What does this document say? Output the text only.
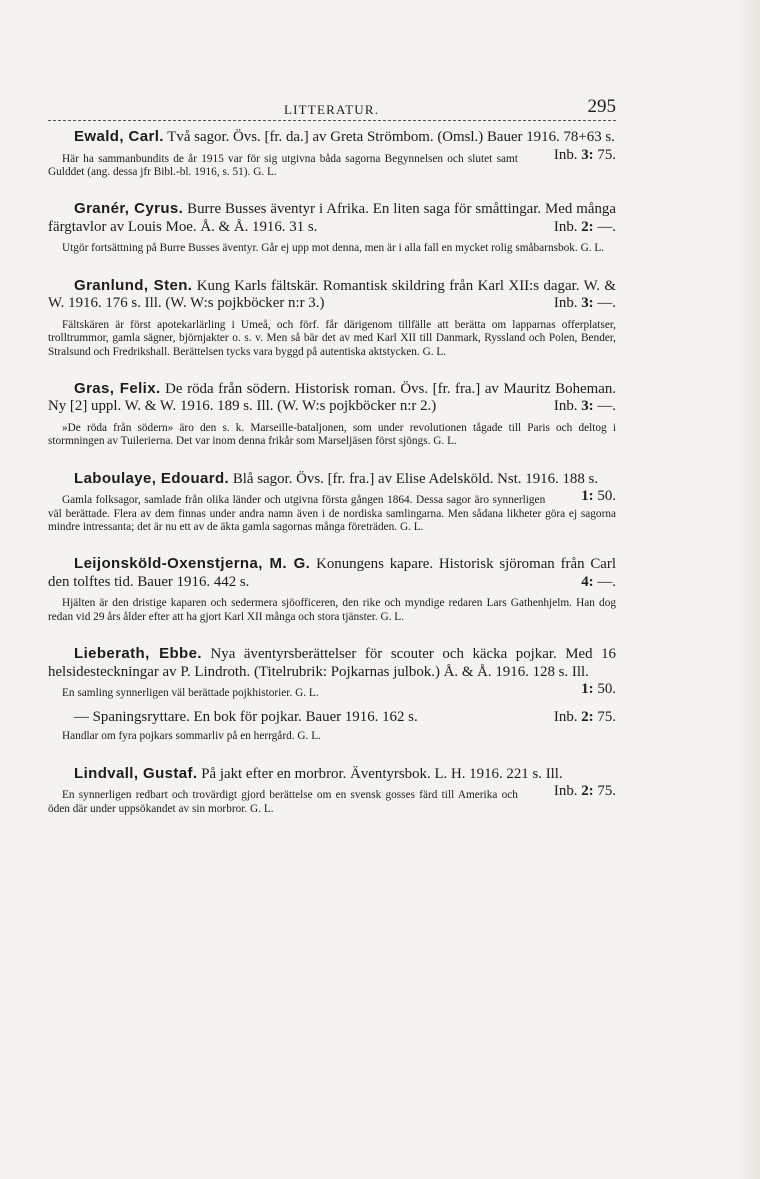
LITTERATUR.	295

Ewald, Carl. Två sagor. Övs. [fr. da.] av Greta Strömbom. (Omsl.) Bauer 1916. 78+63 s.
Inb. 3: 75.

Här ha sammanbundits de år 1915 var för sig utgivna båda sagorna Begynnelsen och slutet samt Gulddet (ang. dessa jfr Bibl.-bl. 1916, s. 51). G. L.

Granér, Cyrus. Burre Busses äventyr i Afrika. En liten saga för småttingar. Med många färgtavlor av Louis Moe. Å. & Å. 1916. 31 s.	Inb. 2: —.

Utgör fortsättning på Burre Busses äventyr. Går ej upp mot denna, men är i alla fall en mycket rolig småbarnsbok. G. L.

Granlund, Sten. Kung Karls fältskär. Romantisk skildring från Karl XII:s dagar. W. & W. 1916. 176 s. Ill. (W. W:s pojkböcker n:r 3.)	Inb. 3: —.

Fältskären är först apotekarlärling i Umeå, och förf. får därigenom tillfälle att berätta om lapparnas offerplatser, trolltrummor, gamla sägner, björnjakter o. s. v. Men så bär det av med Karl XII till Danmark, Ryssland och Polen, Bender, Stralsund och Fredrikshall. Berättelsen tycks vara byggd på autentiska aktstycken. G. L.

Gras, Felix. De röda från södern. Historisk roman. Övs. [fr. fra.] av Mauritz Boheman. Ny [2] uppl. W. & W. 1916. 189 s. Ill. (W. W:s pojkböcker n:r 2.)	Inb. 3: —.

»De röda från södern» äro den s. k. Marseille-bataljonen, som under revolutionen tågade till Paris och deltog i stormningen av Tuilerierna. Det var inom denna frikår som Marseljäsen först sjöngs. G. L.

Laboulaye, Edouard. Blå sagor. Övs. [fr. fra.] av Elise Adelsköld. Nst. 1916. 188 s.
1: 50.

Gamla folksagor, samlade från olika länder och utgivna första gången 1864. Dessa sagor äro synnerligen väl berättade. Flera av dem finnas under andra namn även i de nordiska samlingarna. Men sådana likheter göra ej sagorna mindre intressanta; det är nu ett av de äkta gamla sagornas många företräden. G. L.

Leijonsköld-Oxenstjerna, M. G. Konungens kapare. Historisk sjöroman från Carl den tolftes tid. Bauer 1916. 442 s.	4: —.

Hjälten är den dristige kaparen och sedermera sjöofficeren, den rike och myndige redaren Lars Gathenhjelm. Han dog redan vid 29 års ålder efter att ha gjort Karl XII många och stora tjänster. G. L.

Lieberath, Ebbe. Nya äventyrsberättelser för scouter och käcka pojkar. Med 16 helsidesteckningar av P. Lindroth. (Titelrubrik: Pojkarnas julbok.) Å. & Å. 1916. 128 s. Ill.
1: 50.

En samling synnerligen väl berättade pojkhistorier. G. L.

— Spaningsryttare. En bok för pojkar. Bauer 1916. 162 s.	Inb. 2: 75.

Handlar om fyra pojkars sommarliv på en herrgård. G. L.

Lindvall, Gustaf. På jakt efter en morbror. Äventyrsbok. L. H. 1916. 221 s. Ill.
Inb. 2: 75.

En synnerligen redbart och trovärdigt gjord berättelse om en svensk gosses färd till Amerika och öden där under uppsökandet av sin morbror. G. L.
